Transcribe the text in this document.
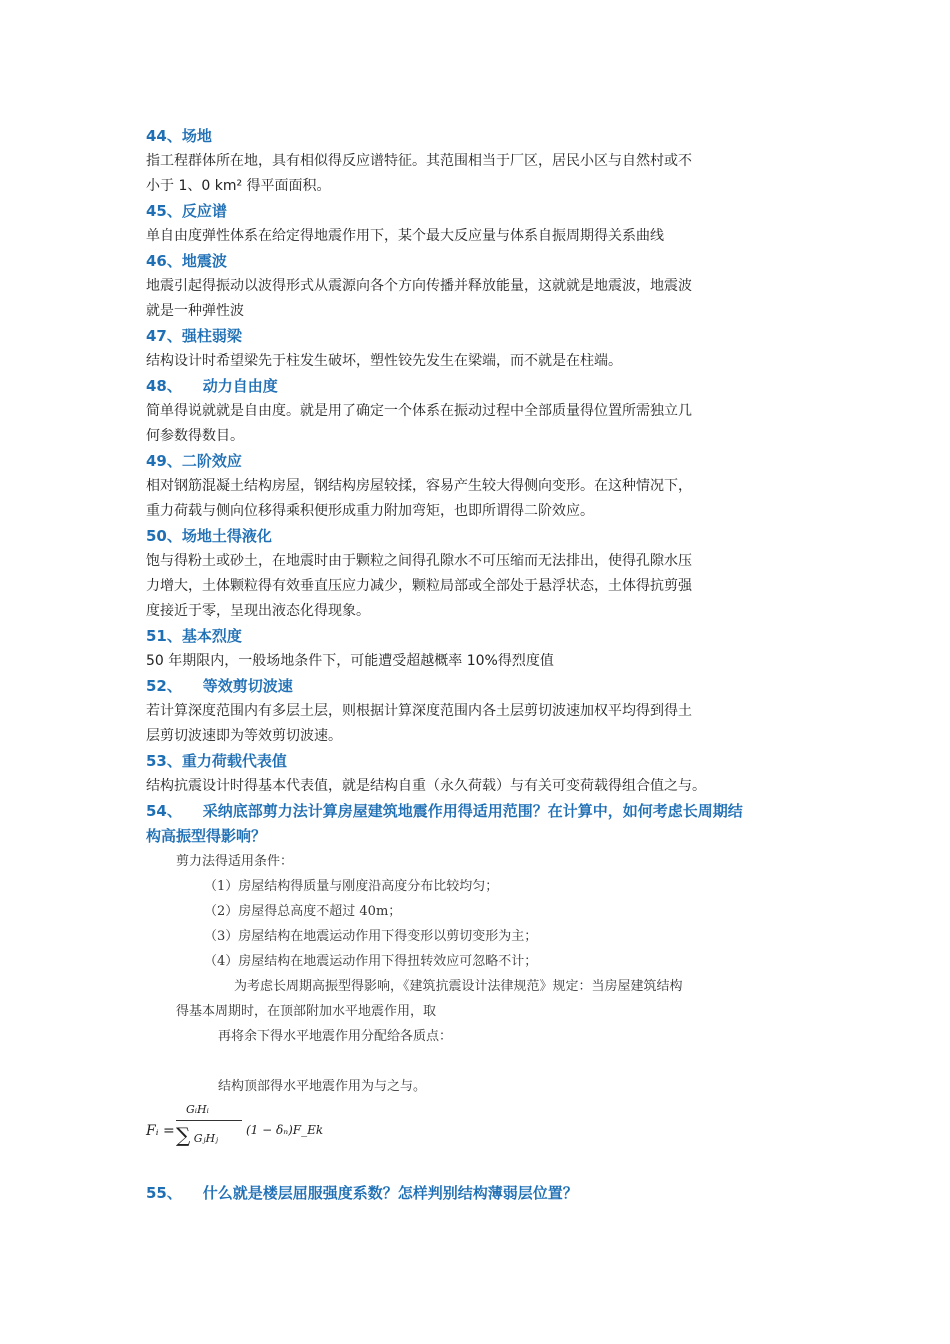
44、场地

指工程群体所在地，具有相似得反应谱特征。其范围相当于厂区，居民小区与自然村或不

小于 1、0 km² 得平面面积。

45、反应谱

单自由度弹性体系在给定得地震作用下，某个最大反应量与体系自振周期得关系曲线

46、地震波

地震引起得振动以波得形式从震源向各个方向传播并释放能量，这就就是地震波，地震波

就是一种弹性波

47、强柱弱梁

结构设计时希望梁先于柱发生破坏，塑性铰先发生在梁端，而不就是在柱端。

48、    动力自由度

简单得说就就是自由度。就是用了确定一个体系在振动过程中全部质量得位置所需独立几

何参数得数目。

49、二阶效应

相对钢筋混凝土结构房屋，钢结构房屋较揉，容易产生较大得侧向变形。在这种情况下，

重力荷载与侧向位移得乘积便形成重力附加弯矩，也即所谓得二阶效应。

50、场地土得液化

饱与得粉土或砂土，在地震时由于颗粒之间得孔隙水不可压缩而无法排出，使得孔隙水压

力增大，土体颗粒得有效垂直压应力减少，颗粒局部或全部处于悬浮状态，土体得抗剪强

度接近于零，呈现出液态化得现象。

51、基本烈度

50 年期限内，一般场地条件下，可能遭受超越概率 10%得烈度值

52、    等效剪切波速

若计算深度范围内有多层土层，则根据计算深度范围内各土层剪切波速加权平均得到得土

层剪切波速即为等效剪切波速。

53、重力荷载代表值

结构抗震设计时得基本代表值，就是结构自重（永久荷载）与有关可变荷载得组合值之与。

54、    采纳底部剪力法计算房屋建筑地震作用得适用范围？在计算中，如何考虑长周期结

构高振型得影响？

剪力法得适用条件：

（1）房屋结构得质量与刚度沿高度分布比较均匀；

（2）房屋得总高度不超过 40m；

（3）房屋结构在地震运动作用下得变形以剪切变形为主；

（4）房屋结构在地震运动作用下得扭转效应可忽略不计；

为考虑长周期高振型得影响，《建筑抗震设计法律规范》规定：当房屋建筑结构

得基本周期时，在顶部附加水平地震作用，取

再将余下得水平地震作用分配给各质点：

结构顶部得水平地震作用为与之与。

Fᵢ =
GᵢHᵢ
∑ GⱼHⱼ
(1 − δₙ)F_Ek

55、    什么就是楼层屈服强度系数？怎样判别结构薄弱层位置？
